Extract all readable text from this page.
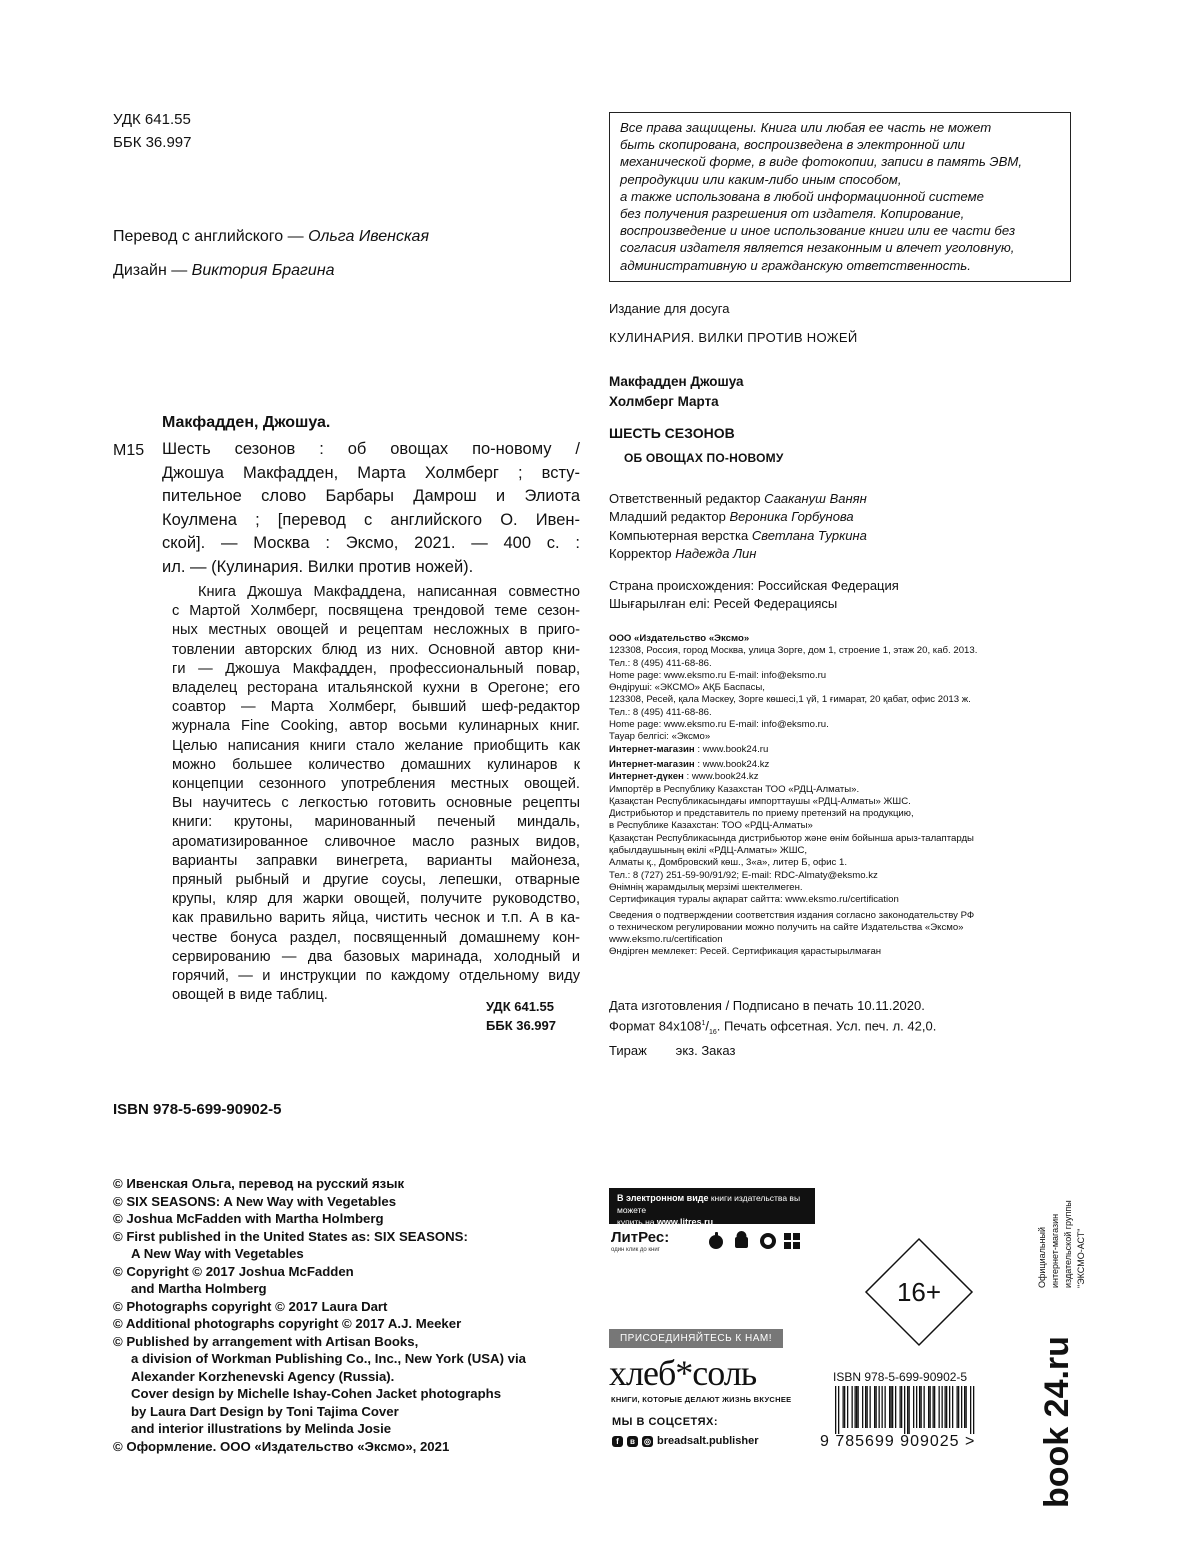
УДК 641.55
ББК 36.997
Перевод с английского — Ольга Ивенская
Дизайн — Виктория Брагина
Макфадден, Джошуа.
М15 Шесть сезонов : об овощах по-новому /
Джошуа Макфадден, Марта Холмберг ; всту-
пительное слово Барбары Дамрош и Элиота
Коулмена ; [перевод с английского О. Ивен-
ской]. — Москва : Эксмо, 2021. — 400 с. :
ил. — (Кулинария. Вилки против ножей).
Книга Джошуа Макфаддена, написанная совместно
с Мартой Холмберг, посвящена трендовой теме сезон-
ных местных овощей и рецептам несложных в приго-
товлении авторских блюд из них. Основной автор кни-
ги — Джошуа Макфадден, профессиональный повар,
владелец ресторана итальянской кухни в Орегоне; его
соавтор — Марта Холмберг, бывший шеф-редактор
журнала Fine Cooking, автор восьми кулинарных книг.
Целью написания книги стало желание приобщить как
можно большее количество домашних кулинаров к
концепции сезонного употребления местных овощей.
Вы научитесь с легкостью готовить основные рецепты
книги: крутоны, маринованный печеный миндаль,
ароматизированное сливочное масло разных видов,
варианты заправки винегрета, варианты майонеза,
пряный рыбный и другие соусы, лепешки, отварные
крупы, кляр для жарки овощей, получите руководство,
как правильно варить яйца, чистить чеснок и т.п. А в ка-
честве бонуса раздел, посвященный домашнему кон-
сервированию — два базовых маринада, холодный и
горячий, — и инструкции по каждому отдельному виду
овощей в виде таблиц.
УДК 641.55
ББК 36.997
ISBN 978-5-699-90902-5
© Ивенская Ольга, перевод на русский язык
© SIX SEASONS: A New Way with Vegetables
© Joshua McFadden with Martha Holmberg
© First published in the United States as: SIX SEASONS:
A New Way with Vegetables
© Copyright © 2017 Joshua McFadden
and Martha Holmberg
© Photographs copyright © 2017 Laura Dart
© Additional photographs copyright © 2017 A.J. Meeker
© Published by arrangement with Artisan Books,
a division of Workman Publishing Co., Inc., New York (USA) via
Alexander Korzhenevski Agency (Russia).
Cover design by Michelle Ishay-Cohen Jacket photographs
by Laura Dart Design by Toni Tajima Cover
and interior illustrations by Melinda Josie
© Оформление. ООО «Издательство «Эксмо», 2021
Все права защищены. Книга или любая ее часть не может
быть скопирована, воспроизведена в электронной или
механической форме, в виде фотокопии, записи в память ЭВМ,
репродукции или каким-либо иным способом,
а также использована в любой информационной системе
без получения разрешения от издателя. Копирование,
воспроизведение и иное использование книги или ее части без
согласия издателя является незаконным и влечет уголовную,
административную и гражданскую ответственность.
Издание для досуга
КУЛИНАРИЯ. ВИЛКИ ПРОТИВ НОЖЕЙ
Макфадден Джошуа
Холмберг Марта
ШЕСТЬ СЕЗОНОВ
ОБ ОВОЩАХ ПО-НОВОМУ
Ответственный редактор Саакануш Ванян
Младший редактор Вероника Горбунова
Компьютерная верстка Светлана Туркина
Корректор Надежда Лин
Страна происхождения: Российская Федерация
Шығарылған елі: Ресей Федерациясы
ООО «Издательство «Эксмо»
123308, Россия, город Москва, улица Зорге, дом 1, строение 1, этаж 20, каб. 2013.
Тел.: 8 (495) 411-68-86.
Home page: www.eksmo.ru E-mail: info@eksmo.ru
Өндіруші: «ЭКСМО» АҚБ Баспасы,
123308, Ресей, қала Мәскеу, Зорге көшесі,1 үй, 1 ғимарат, 20 қабат, офис 2013 ж.
Тел.: 8 (495) 411-68-86.
Home page: www.eksmo.ru E-mail: info@eksmo.ru.
Тауар белгісі: «Эксмо»
Интернет-магазин : www.book24.ru
Интернет-магазин : www.book24.kz
Интернет-дүкен : www.book24.kz
Импортёр в Республику Казахстан ТОО «РДЦ-Алматы».
Қазақстан Республикасындағы импорттаушы «РДЦ-Алматы» ЖШС.
Дистрибьютор и представитель по приему претензий на продукцию,
в Республике Казахстан: ТОО «РДЦ-Алматы»
Қазақстан Республикасында дистрибьютор және өнім бойынша арыз-талаптарды
қабылдаушының өкілі «РДЦ-Алматы» ЖШС,
Алматы қ., Домбровский көш., 3«а», литер Б, офис 1.
Тел.: 8 (727) 251-59-90/91/92; E-mail: RDC-Almaty@eksmo.kz
Өнімнің жарамдылық мерзімі шектелмеген.
Сертификация туралы ақпарат сайтта: www.eksmo.ru/certification
Сведения о подтверждении соответствия издания согласно законодательству РФ
о техническом регулировании можно получить на сайте Издательства «Эксмо»
www.eksmo.ru/certification
Өндірген мемлекет: Ресей. Сертификация қарастырылмаған
Дата изготовления / Подписано в печать 10.11.2020.
Формат $84х108^1/_{16}$. Печать офсетная. Усл. печ. л. 42,0.
Тираж        экз. Заказ
В электронном виде книги издательства вы можете
купить на www.litres.ru
ЛитРес:
один клик до книг
16+
ПРИСОЕДИНЯЙТЕСЬ К НАМ!
хлеб*соль
КНИГИ, КОТОРЫЕ ДЕЛАЮТ ЖИЗНЬ ВКУСНЕЕ
МЫ В СОЦСЕТЯХ:
f	в	◎ breadsalt.publisher
ISBN 978-5-699-90902-5
9 785699 909025 >
Официальный интернет-магазин издательской группы "ЭКСМО-АСТ"
book 24.ru
